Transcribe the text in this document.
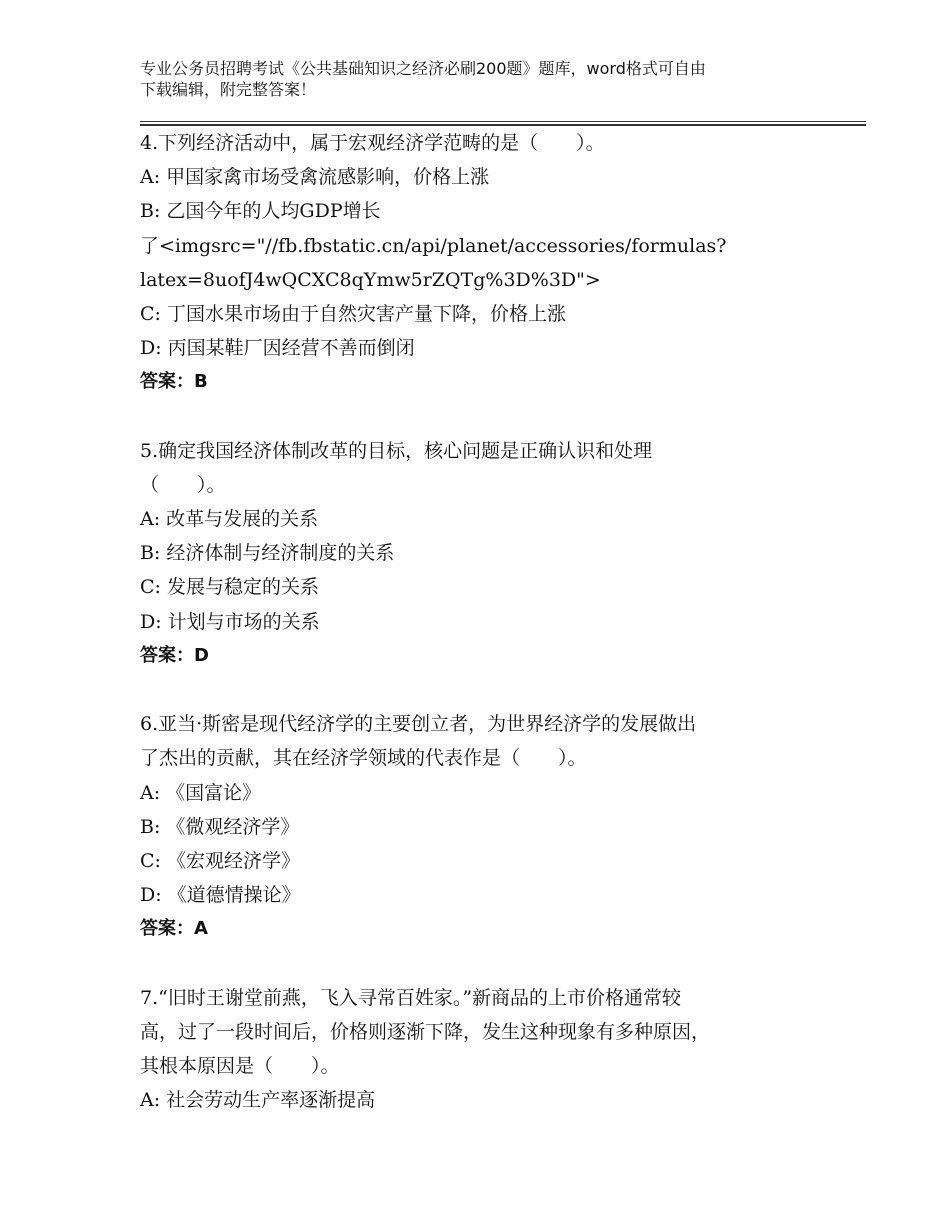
专业公务员招聘考试《公共基础知识之经济必刷200题》题库，word格式可自由
下载编辑，附完整答案！
4.下列经济活动中，属于宏观经济学范畴的是（　　）。
A: 甲国家禽市场受禽流感影响，价格上涨
B: 乙国今年的人均GDP增长
了<imgsrc="//fb.fbstatic.cn/api/planet/accessories/formulas?
latex=8uofJ4wQCXC8qYmw5rZQTg%3D%3D">
C: 丁国水果市场由于自然灾害产量下降，价格上涨
D: 丙国某鞋厂因经营不善而倒闭
答案：B
5.确定我国经济体制改革的目标，核心问题是正确认识和处理
（　　）。
A: 改革与发展的关系
B: 经济体制与经济制度的关系
C: 发展与稳定的关系
D: 计划与市场的关系
答案：D
6.亚当·斯密是现代经济学的主要创立者，为世界经济学的发展做出
了杰出的贡献，其在经济学领域的代表作是（　　）。
A: 《国富论》
B: 《微观经济学》
C: 《宏观经济学》
D: 《道德情操论》
答案：A
7.“旧时王谢堂前燕，飞入寻常百姓家。”新商品的上市价格通常较
高，过了一段时间后，价格则逐渐下降，发生这种现象有多种原因，
其根本原因是（　　）。
A: 社会劳动生产率逐渐提高
